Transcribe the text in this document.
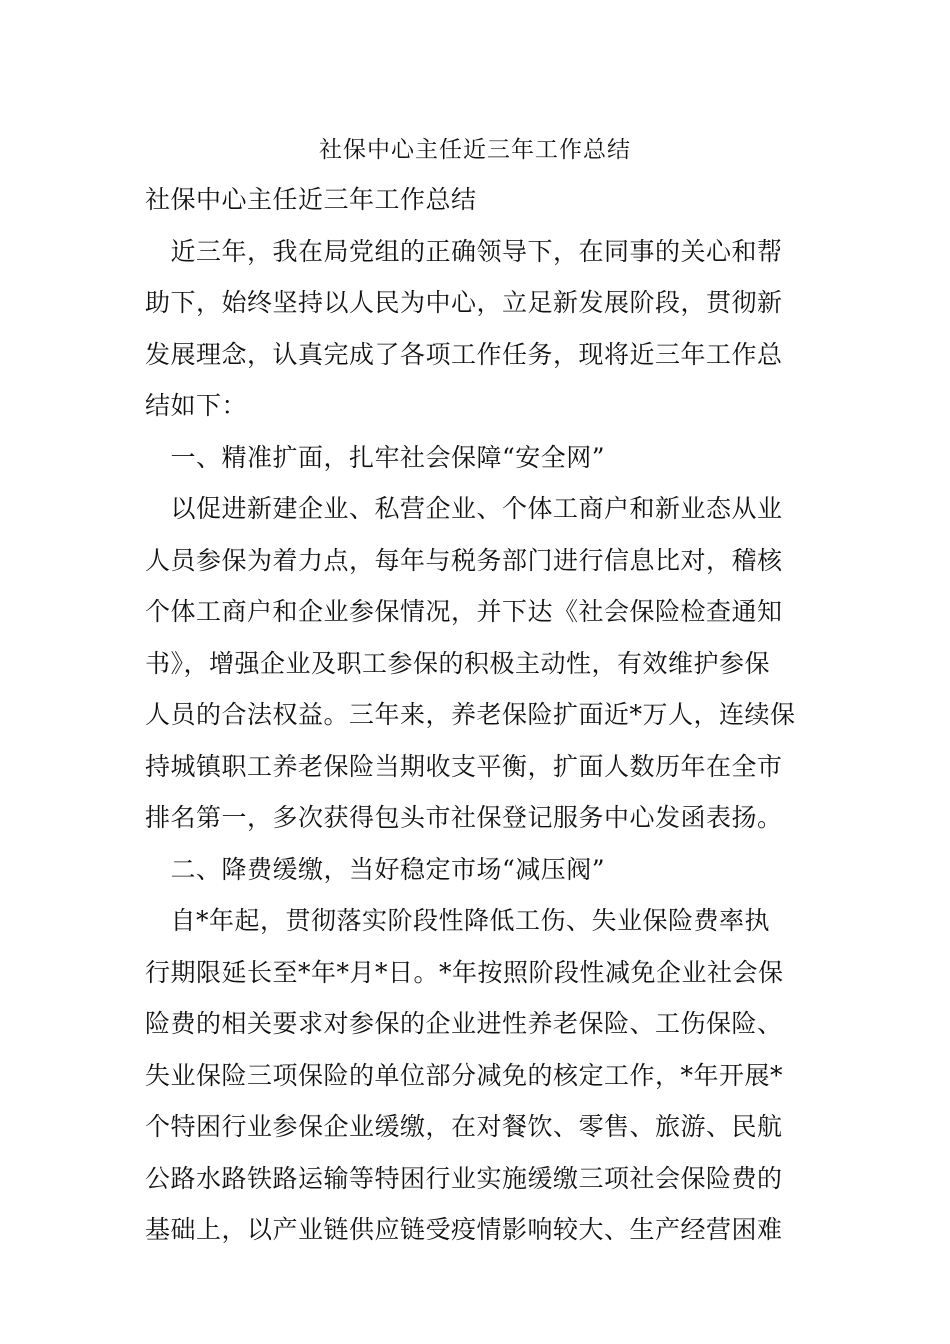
社保中心主任近三年工作总结
社保中心主任近三年工作总结
　近三年，我在局党组的正确领导下，在同事的关心和帮
助下，始终坚持以人民为中心，立足新发展阶段，贯彻新
发展理念，认真完成了各项工作任务，现将近三年工作总
结如下：
　一、精准扩面，扎牢社会保障“安全网”
　以促进新建企业、私营企业、个体工商户和新业态从业
人员参保为着力点，每年与税务部门进行信息比对，稽核
个体工商户和企业参保情况，并下达《社会保险检查通知
书》，增强企业及职工参保的积极主动性，有效维护参保
人员的合法权益。三年来，养老保险扩面近*万人，连续保
持城镇职工养老保险当期收支平衡，扩面人数历年在全市
排名第一，多次获得包头市社保登记服务中心发函表扬。
　二、降费缓缴，当好稳定市场“减压阀”
　自*年起，贯彻落实阶段性降低工伤、失业保险费率执
行期限延长至*年*月*日。*年按照阶段性减免企业社会保
险费的相关要求对参保的企业进性养老保险、工伤保险、
失业保险三项保险的单位部分减免的核定工作，*年开展*
个特困行业参保企业缓缴，在对餐饮、零售、旅游、民航
公路水路铁路运输等特困行业实施缓缴三项社会保险费的
基础上，以产业链供应链受疫情影响较大、生产经营困难
